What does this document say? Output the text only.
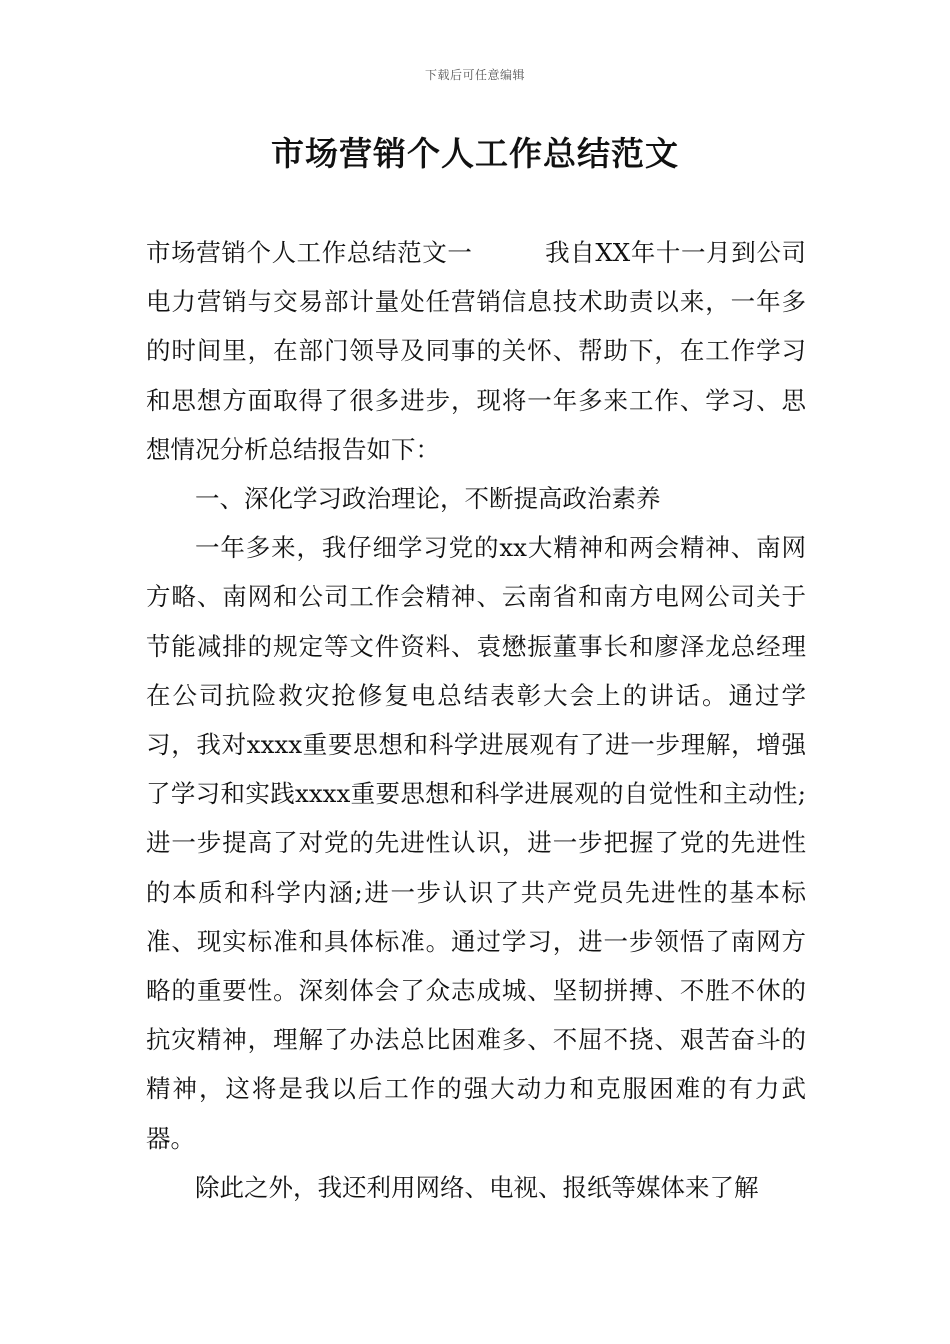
下载后可任意编辑
市场营销个人工作总结范文

市场营销个人工作总结范文一	我自XX年十一月到公司电力营销与交易部计量处任营销信息技术助责以来，一年多的时间里，在部门领导及同事的关怀、帮助下，在工作学习和思想方面取得了很多进步，现将一年多来工作、学习、思想情况分析总结报告如下：

一、深化学习政治理论，不断提高政治素养

一年多来，我仔细学习党的xx大精神和两会精神、南网方略、南网和公司工作会精神、云南省和南方电网公司关于节能减排的规定等文件资料、袁懋振董事长和廖泽龙总经理在公司抗险救灾抢修复电总结表彰大会上的讲话。通过学习，我对xxxx重要思想和科学进展观有了进一步理解，增强了学习和实践xxxx重要思想和科学进展观的自觉性和主动性;进一步提高了对党的先进性认识，进一步把握了党的先进性的本质和科学内涵;进一步认识了共产党员先进性的基本标准、现实标准和具体标准。通过学习，进一步领悟了南网方略的重要性。深刻体会了众志成城、坚韧拼搏、不胜不休的抗灾精神，理解了办法总比困难多、不屈不挠、艰苦奋斗的精神，这将是我以后工作的强大动力和克服困难的有力武器。

除此之外，我还利用网络、电视、报纸等媒体来了解
